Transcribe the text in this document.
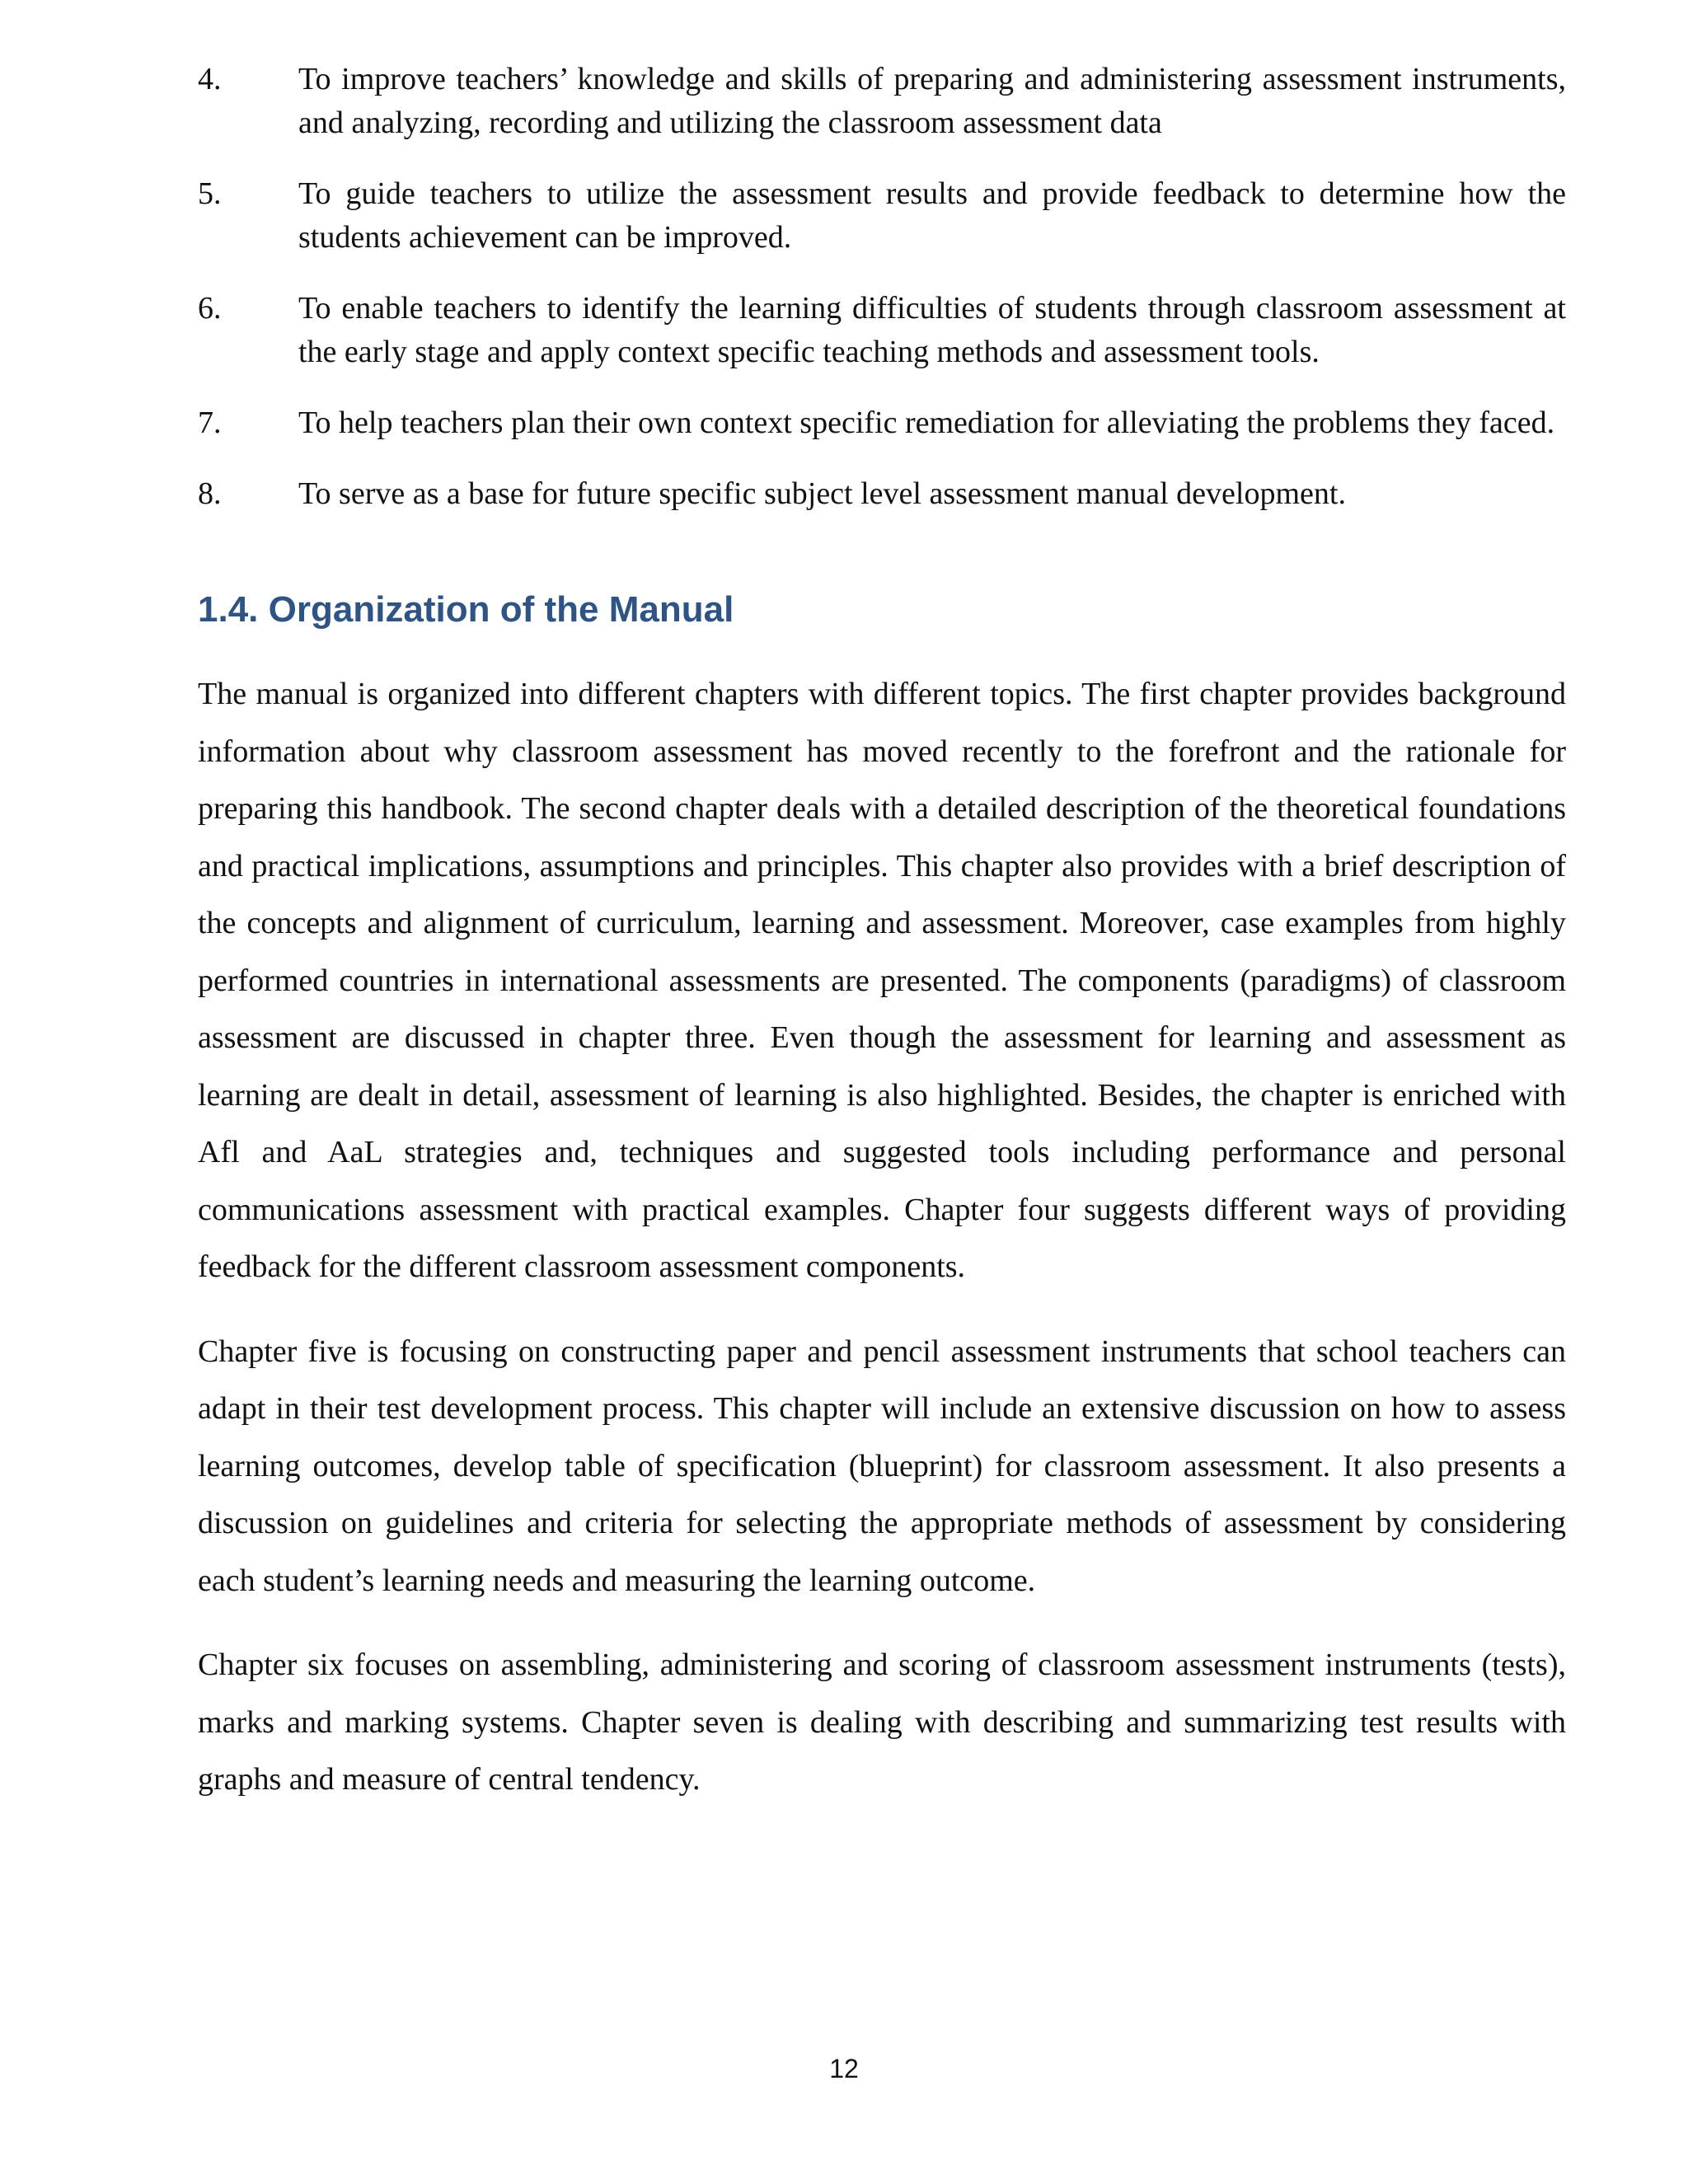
4.	To improve teachers’ knowledge and skills of preparing and administering assessment instruments, and analyzing, recording and utilizing the classroom assessment data
5.	To guide teachers to utilize the assessment results and provide feedback to determine how the students achievement can be improved.
6.	To enable teachers to identify the learning difficulties of students through classroom assessment at the early stage and apply context specific teaching methods and assessment tools.
7.	To help teachers plan their own context specific remediation for alleviating the problems they faced.
8.	To serve as a base for future specific subject level assessment manual development.
1.4. Organization of the Manual

The manual is organized into different chapters with different topics. The first chapter provides background information about why classroom assessment has moved recently to the forefront and the rationale for preparing this handbook. The second chapter deals with a detailed description of the theoretical foundations and practical implications, assumptions and principles. This chapter also provides with a brief description of the concepts and alignment of curriculum, learning and assessment. Moreover, case examples from highly performed countries in international assessments are presented. The components (paradigms) of classroom assessment are discussed in chapter three. Even though the assessment for learning and assessment as learning are dealt in detail, assessment of learning is also highlighted. Besides, the chapter is enriched with Afl and AaL strategies and, techniques and suggested tools including performance and personal communications assessment with practical examples. Chapter four suggests different ways of providing feedback for the different classroom assessment components.

Chapter five is focusing on constructing paper and pencil assessment instruments that school teachers can adapt in their test development process. This chapter will include an extensive discussion on how to assess learning outcomes, develop table of specification (blueprint) for classroom assessment. It also presents a discussion on guidelines and criteria for selecting the appropriate methods of assessment by considering each student’s learning needs and measuring the learning outcome.

Chapter six focuses on assembling, administering and scoring of classroom assessment instruments (tests), marks and marking systems. Chapter seven is dealing with describing and summarizing test results with graphs and measure of central tendency.

12
